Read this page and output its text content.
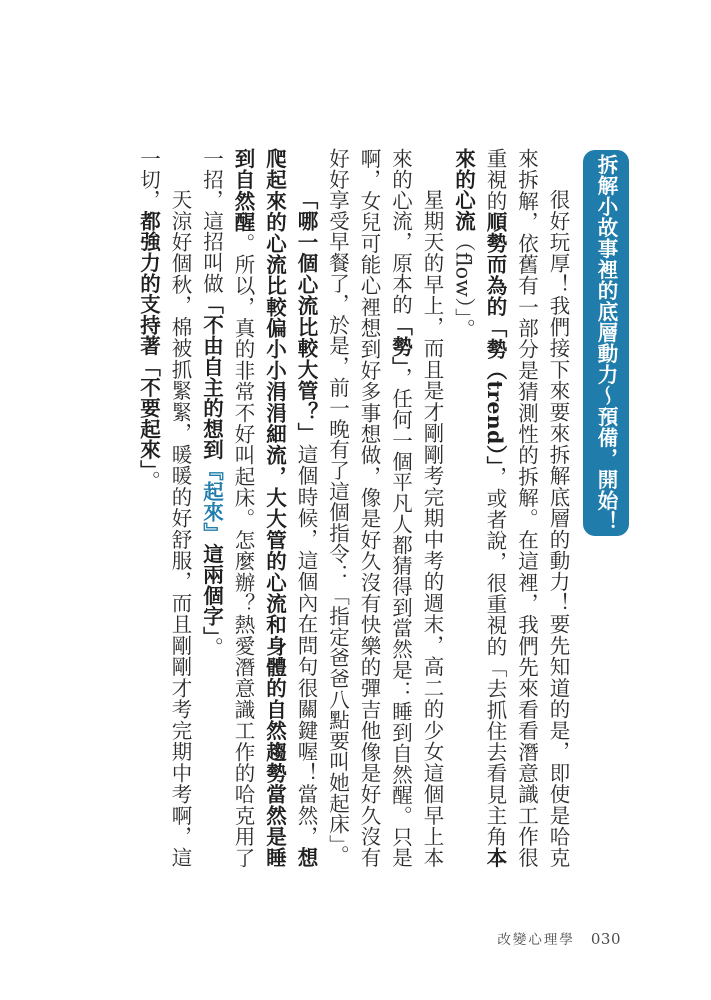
拆解小故事裡的底層動力～預備，開始！

很好玩厚！我們接下來要來拆解底層的動力！要先知道的是，即使是哈克來拆解，依舊有一部分是猜測性的拆解。在這裡，我們先來看看潛意識工作很重視的順勢而為的「勢（trend）」，或者說，很重視的「去抓住去看見主角本來的心流（flow）」。

星期天的早上，而且是才剛剛考完期中考的週末，高二的少女這個早上本來的心流，原本的「勢」，任何一個平凡人都猜得到當然是：睡到自然醒。只是啊，女兒可能心裡想到好多事想做，像是好久沒有快樂的彈吉他像是好久沒有好好享受早餐了，於是，前一晚有了這個指令：「指定爸爸八點要叫她起床」。

「哪一個心流比較大管？」這個時候，這個內在問句很關鍵喔！當然，想爬起來的心流比較偏小小涓涓細流，大大管的心流和身體的自然趨勢當然是睡到自然醒。所以，真的非常不好叫起床。怎麼辦？熱愛潛意識工作的哈克用了一招，這招叫做「不由自主的想到『起來』這兩個字」。

天涼好個秋，棉被抓緊緊，暖暖的好舒服，而且剛剛才考完期中考啊，這一切，都強力的支持著「不要起來」。

改變心理學 030
